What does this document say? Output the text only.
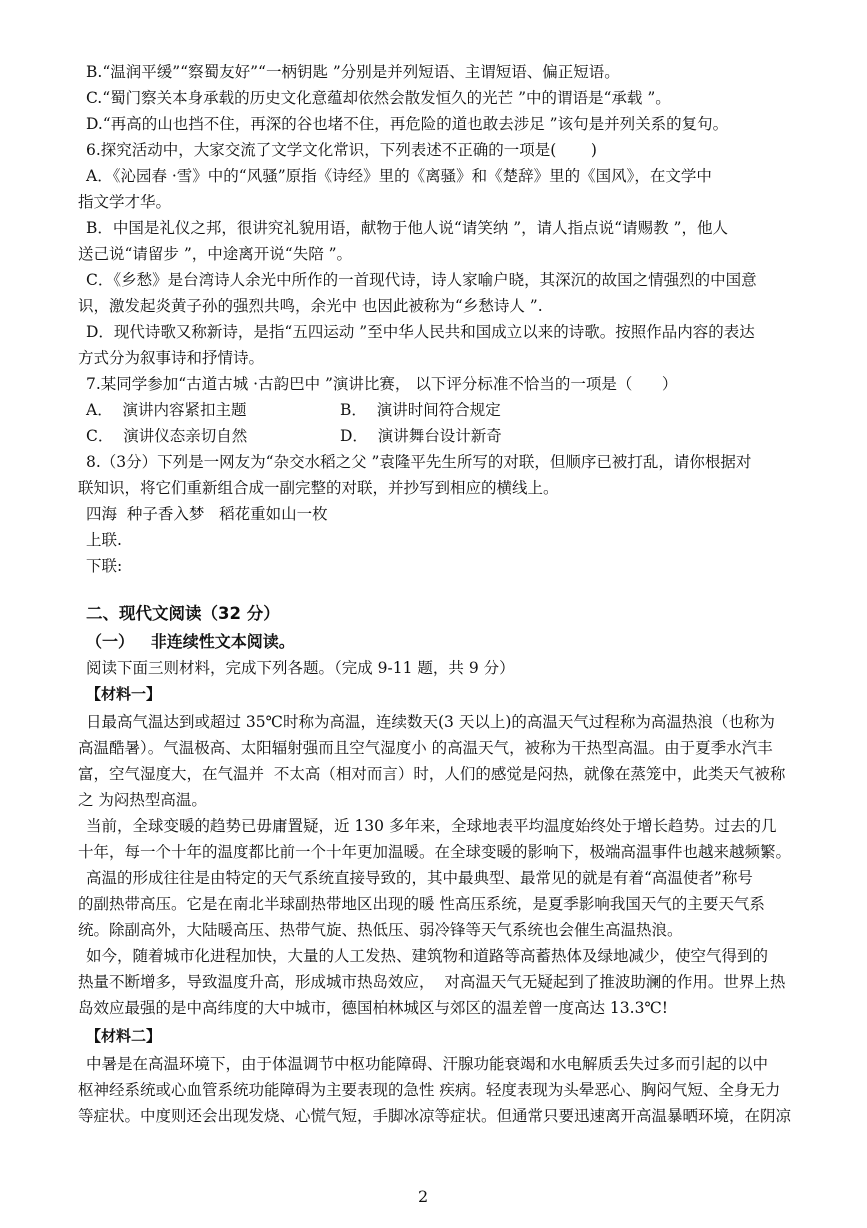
B.“温润平缓”“察蜀友好”“一柄钥匙 ”分别是并列短语、主谓短语、偏正短语。
C.“蜀门察关本身承载的历史文化意蕴却依然会散发恒久的光芒 ”中的谓语是“承载 ”。
D.“再高的山也挡不住，再深的谷也堵不住，再危险的道也敢去涉足 ”该句是并列关系的复句。
6.探究活动中，大家交流了文学文化常识，下列表述不正确的一项是(       )
A．《沁园春 ·雪》中的“风骚”原指《诗经》里的《离骚》和《楚辞》里的《国风》，在文学中
指文学才华。
B．中国是礼仪之邦，很讲究礼貌用语，献物于他人说“请笑纳 ”，请人指点说“请赐教 ”，他人
送己说“请留步 ”，中途离开说“失陪 ”。
C．《乡愁》是台湾诗人余光中所作的一首现代诗，诗人家喻户晓，其深沉的故国之情强烈的中国意
识，激发起炎黄子孙的强烈共鸣，余光中 也因此被称为“乡愁诗人 ”.
D．现代诗歌又称新诗，是指“五四运动 ”至中华人民共和国成立以来的诗歌。按照作品内容的表达
方式分为叙事诗和抒情诗。
7.某同学参加“古道古城 ·古韵巴中 ”演讲比赛， 以下评分标准不恰当的一项是（      ）
A．  演讲内容紧扣主题	B．  演讲时间符合规定
C．  演讲仪态亲切自然	D．  演讲舞台设计新奇
8.（3分）下列是一网友为“杂交水稻之父 ”袁隆平先生所写的对联，但顺序已被打乱，请你根据对
联知识，将它们重新组合成一副完整的对联，并抄写到相应的横线上。
四海  种子香入梦   稻花重如山一枚
上联.
下联:
二、现代文阅读（32 分）
（一）   非连续性文本阅读。
阅读下面三则材料，完成下列各题。（完成 9-11 题，共 9 分）
【材料一】
日最高气温达到或超过 35℃时称为高温，连续数天(3 天以上)的高温天气过程称为高温热浪（也称为
高温酷暑）。气温极高、太阳辐射强而且空气湿度小 的高温天气，被称为干热型高温。由于夏季水汽丰
富，空气湿度大，在气温并  不太高（相对而言）时，人们的感觉是闷热，就像在蒸笼中，此类天气被称
之 为闷热型高温。
当前，全球变暖的趋势已毋庸置疑，近 130 多年来，全球地表平均温度始终处于增长趋势。过去的几
十年，每一个十年的温度都比前一个十年更加温暖。在全球变暖的影响下，极端高温事件也越来越频繁。
高温的形成往往是由特定的天气系统直接导致的，其中最典型、最常见的就是有着“高温使者”称号
的副热带高压。它是在南北半球副热带地区出现的暖 性高压系统，是夏季影响我国天气的主要天气系
统。除副高外，大陆暖高压、热带气旋、热低压、弱冷锋等天气系统也会催生高温热浪。
如今，随着城市化进程加快，大量的人工发热、建筑物和道路等高蓄热体及绿地减少，使空气得到的
热量不断增多，导致温度升高，形成城市热岛效应，  对高温天气无疑起到了推波助澜的作用。世界上热
岛效应最强的是中高纬度的大中城市，德国柏林城区与郊区的温差曾一度高达 13.3℃!
【材料二】
中暑是在高温环境下，由于体温调节中枢功能障碍、汗腺功能衰竭和水电解质丢失过多而引起的以中
枢神经系统或心血管系统功能障碍为主要表现的急性 疾病。轻度表现为头晕恶心、胸闷气短、全身无力
等症状。中度则还会出现发烧、心慌气短，手脚冰凉等症状。但通常只要迅速离开高温暴晒环境，在阴凉
2
